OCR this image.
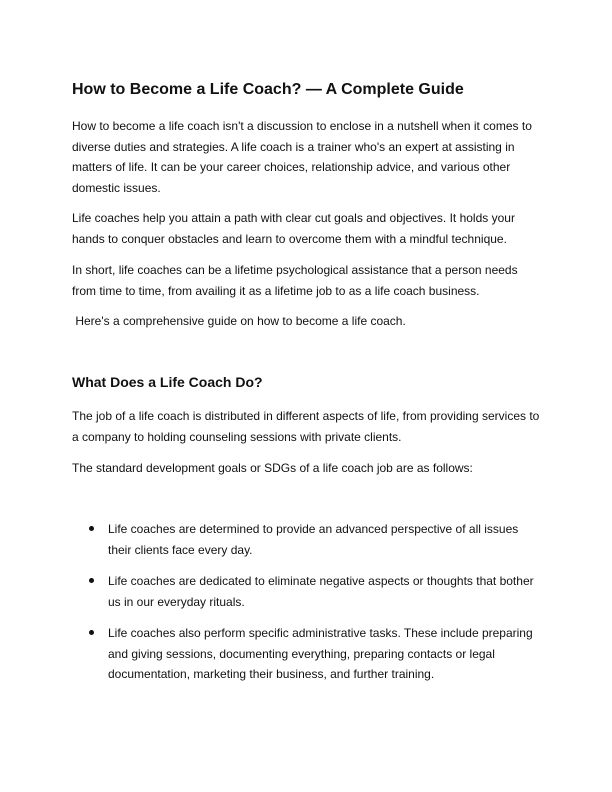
How to Become a Life Coach? — A Complete Guide
How to become a life coach isn't a discussion to enclose in a nutshell when it comes to
diverse duties and strategies. A life coach is a trainer who's an expert at assisting in
matters of life. It can be your career choices, relationship advice, and various other
domestic issues.
Life coaches help you attain a path with clear cut goals and objectives. It holds your
hands to conquer obstacles and learn to overcome them with a mindful technique.
In short, life coaches can be a lifetime psychological assistance that a person needs
from time to time, from availing it as a lifetime job to as a life coach business.
Here's a comprehensive guide on how to become a life coach.
What Does a Life Coach Do?
The job of a life coach is distributed in different aspects of life, from providing services to
a company to holding counseling sessions with private clients.
The standard development goals or SDGs of a life coach job are as follows:
Life coaches are determined to provide an advanced perspective of all issues
their clients face every day.
Life coaches are dedicated to eliminate negative aspects or thoughts that bother
us in our everyday rituals.
Life coaches also perform specific administrative tasks. These include preparing
and giving sessions, documenting everything, preparing contacts or legal
documentation, marketing their business, and further training.
